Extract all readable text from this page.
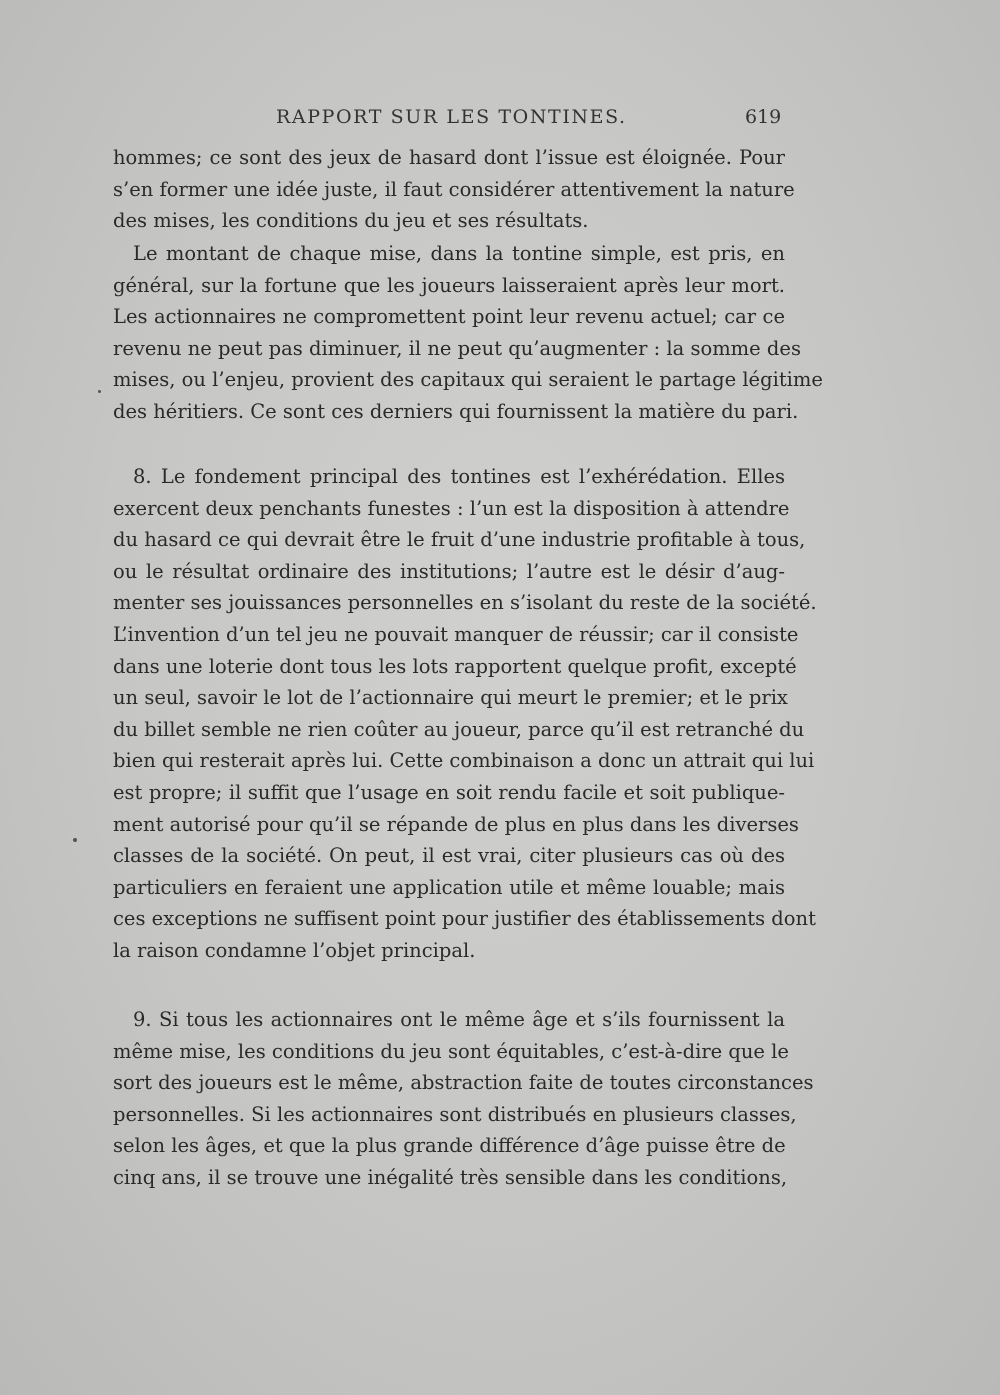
RAPPORT SUR LES TONTINES.	619
hommes; ce sont des jeux de hasard dont l’issue est éloignée. Pour
s’en former une idée juste, il faut considérer attentivement la nature
des mises, les conditions du jeu et ses résultats.
Le montant de chaque mise, dans la tontine simple, est pris, en
général, sur la fortune que les joueurs laisseraient après leur mort.
Les actionnaires ne compromettent point leur revenu actuel; car ce
revenu ne peut pas diminuer, il ne peut qu’augmenter : la somme des
mises, ou l’enjeu, provient des capitaux qui seraient le partage légitime
des héritiers. Ce sont ces derniers qui fournissent la matière du pari.
8. Le fondement principal des tontines est l’exhérédation. Elles
exercent deux penchants funestes : l’un est la disposition à attendre
du hasard ce qui devrait être le fruit d’une industrie profitable à tous,
ou le résultat ordinaire des institutions; l’autre est le désir d’aug-
menter ses jouissances personnelles en s’isolant du reste de la société.
L’invention d’un tel jeu ne pouvait manquer de réussir; car il consiste
dans une loterie dont tous les lots rapportent quelque profit, excepté
un seul, savoir le lot de l’actionnaire qui meurt le premier; et le prix
du billet semble ne rien coûter au joueur, parce qu’il est retranché du
bien qui resterait après lui. Cette combinaison a donc un attrait qui lui
est propre; il suffit que l’usage en soit rendu facile et soit publique-
ment autorisé pour qu’il se répande de plus en plus dans les diverses
classes de la société. On peut, il est vrai, citer plusieurs cas où des
particuliers en feraient une application utile et même louable; mais
ces exceptions ne suffisent point pour justifier des établissements dont
la raison condamne l’objet principal.
9. Si tous les actionnaires ont le même âge et s’ils fournissent la
même mise, les conditions du jeu sont équitables, c’est-à-dire que le
sort des joueurs est le même, abstraction faite de toutes circonstances
personnelles. Si les actionnaires sont distribués en plusieurs classes,
selon les âges, et que la plus grande différence d’âge puisse être de
cinq ans, il se trouve une inégalité très sensible dans les conditions,
